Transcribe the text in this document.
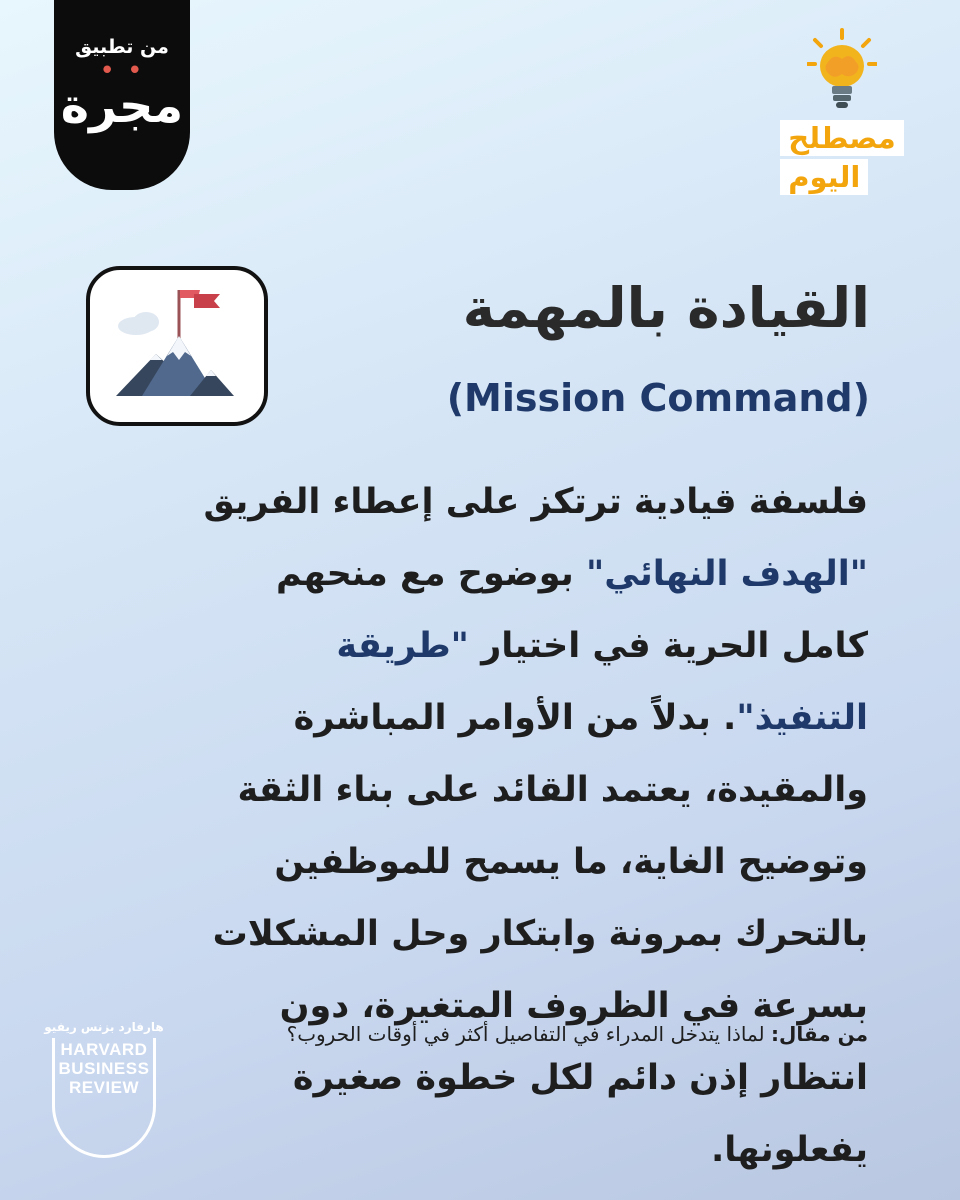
من تطبيق
• •
مجرة
مصطلح
اليوم
القيادة بالمهمة
(Mission Command)

فلسفة قيادية ترتكز على إعطاء الفريق "الهدف النهائي" بوضوح مع منحهم كامل الحرية في اختيار "طريقة التنفيذ". بدلاً من الأوامر المباشرة والمقيدة، يعتمد القائد على بناء الثقة وتوضيح الغاية، ما يسمح للموظفين بالتحرك بمرونة وابتكار وحل المشكلات بسرعة في الظروف المتغيرة، دون انتظار إذن دائم لكل خطوة صغيرة يفعلونها.

من مقال: لماذا يتدخل المدراء في التفاصيل أكثر في أوقات الحروب؟
هارفارد بزنس ريفيو
HARVARD
BUSINESS
REVIEW
